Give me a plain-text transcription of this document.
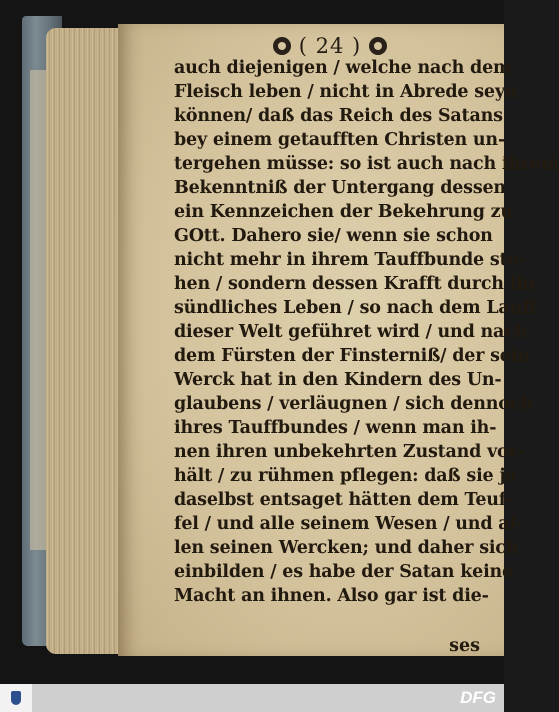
( 24 )
auch diejenigen / welche nach dem
Fleisch leben / nicht in Abrede seyn
können/ daß das Reich des Satans
bey einem getaufften Christen un-
tergehen müsse: so ist auch nach ihrem
Bekenntniß der Untergang dessen
ein Kennzeichen der Bekehrung zu
GOtt. Dahero sie/ wenn sie schon
nicht mehr in ihrem Tauffbunde ste-
hen / sondern dessen Krafft durch ihr
sündliches Leben / so nach dem Lauff
dieser Welt geführet wird / und nach
dem Fürsten der Finsterniß/ der sein
Werck hat in den Kindern des Un-
glaubens / verläugnen / sich dennoch
ihres Tauffbundes / wenn man ih-
nen ihren unbekehrten Zustand vor-
hält / zu rühmen pflegen: daß sie ja
daselbst entsaget hätten dem Teuf-
fel / und alle seinem Wesen / und al-
len seinen Wercken; und daher sich
einbilden / es habe der Satan keine
Macht an ihnen. Also gar ist die-
ses
DFG
